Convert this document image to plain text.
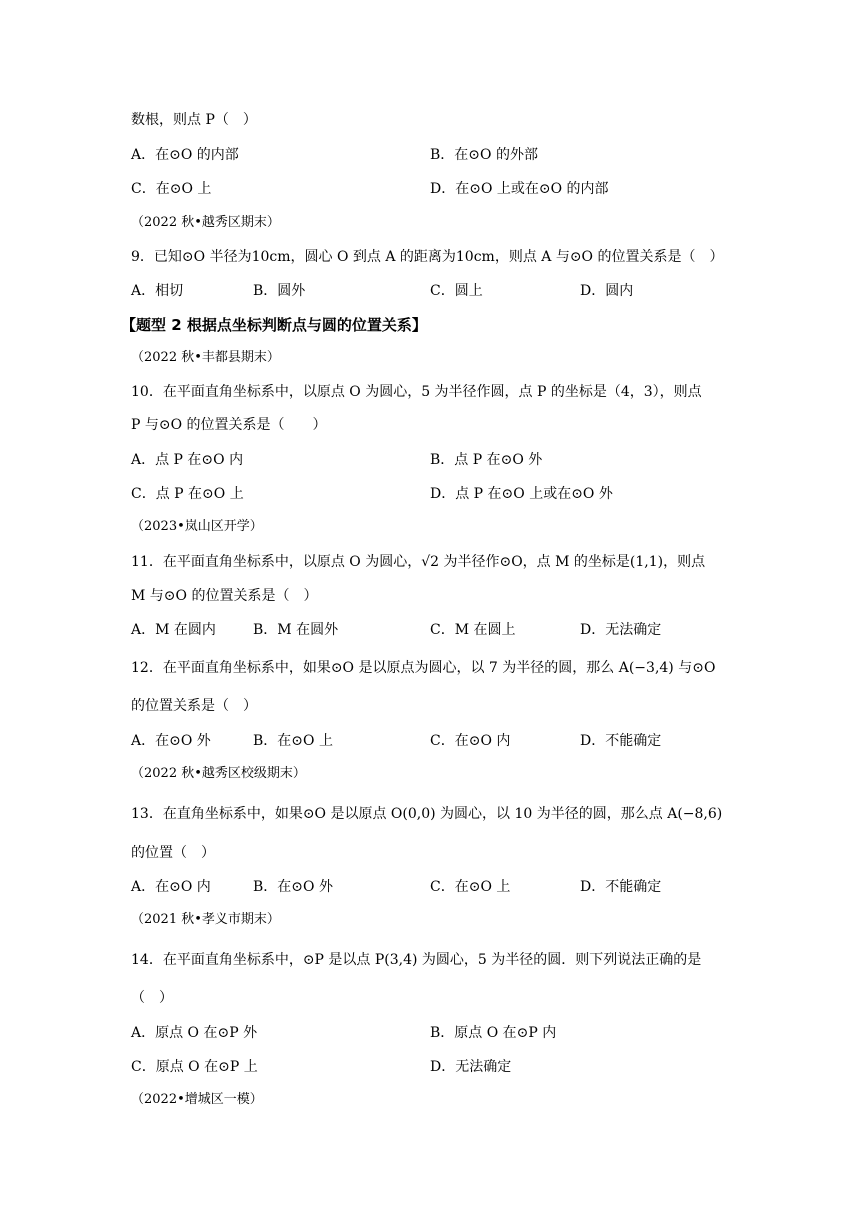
数根，则点 P（　）
A．在⊙O 的内部	B．在⊙O 的外部
C．在⊙O 上	D．在⊙O 上或在⊙O 的内部
（2022 秋•越秀区期末）
9．已知⊙O 半径为10cm，圆心 O 到点 A 的距离为10cm，则点 A 与⊙O 的位置关系是（　）
A．相切	B．圆外	C．圆上	D．圆内
【题型 2 根据点坐标判断点与圆的位置关系】
（2022 秋•丰都县期末）
10．在平面直角坐标系中，以原点 O 为圆心，5 为半径作圆，点 P 的坐标是（4，3），则点
P 与⊙O 的位置关系是（　　）
A．点 P 在⊙O 内	B．点 P 在⊙O 外
C．点 P 在⊙O 上	D．点 P 在⊙O 上或在⊙O 外
（2023•岚山区开学）
11．在平面直角坐标系中，以原点 O 为圆心，√2 为半径作⊙O，点 M 的坐标是(1,1)，则点
M 与⊙O 的位置关系是（　）
A．M 在圆内	B．M 在圆外	C．M 在圆上	D．无法确定
12．在平面直角坐标系中，如果⊙O 是以原点为圆心，以 7 为半径的圆，那么 A(−3,4) 与⊙O
的位置关系是（　）
A．在⊙O 外	B．在⊙O 上	C．在⊙O 内	D．不能确定
（2022 秋•越秀区校级期末）
13．在直角坐标系中，如果⊙O 是以原点 O(0,0) 为圆心，以 10 为半径的圆，那么点 A(−8,6)
的位置（　）
A．在⊙O 内	B．在⊙O 外	C．在⊙O 上	D．不能确定
（2021 秋•孝义市期末）
14．在平面直角坐标系中，⊙P 是以点 P(3,4) 为圆心，5 为半径的圆．则下列说法正确的是
（　）
A．原点 O 在⊙P 外	B．原点 O 在⊙P 内
C．原点 O 在⊙P 上	D．无法确定
（2022•增城区一模）
